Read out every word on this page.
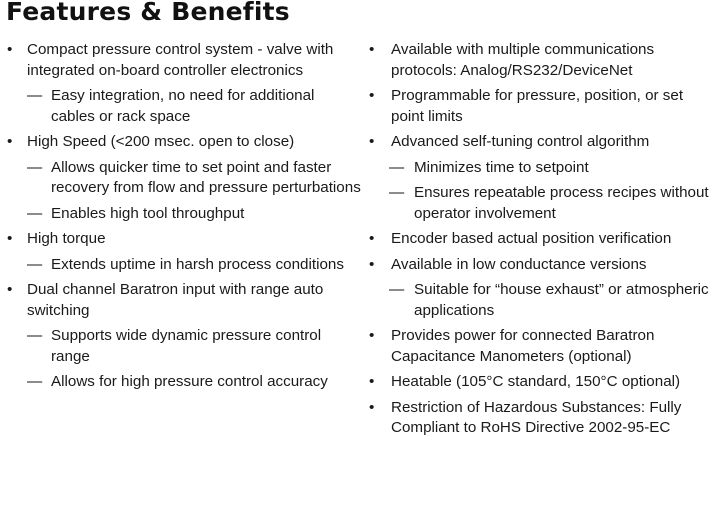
Features & Benefits
• Compact pressure control system - valve with integrated on-board controller electronics
— Easy integration, no need for additional cables or rack space
• High Speed (<200 msec. open to close)
— Allows quicker time to set point and faster recovery from flow and pressure perturbations
— Enables high tool throughput
• High torque
— Extends uptime in harsh process conditions
• Dual channel Baratron input with range auto switching
— Supports wide dynamic pressure control range
— Allows for high pressure control accuracy
•	Available with multiple communications protocols: Analog/RS232/DeviceNet
•	Programmable for pressure, position, or set point limits
•	Advanced self-tuning control algorithm
— Minimizes time to setpoint
— Ensures repeatable process recipes without operator involvement
•	Encoder based actual position verification
•	Available in low conductance versions
— Suitable for “house exhaust” or atmospheric applications
•	Provides power for connected Baratron Capacitance Manometers (optional)
•	Heatable (105°C standard, 150°C optional)
•	Restriction of Hazardous Substances: Fully Compliant to RoHS Directive 2002-95-EC
